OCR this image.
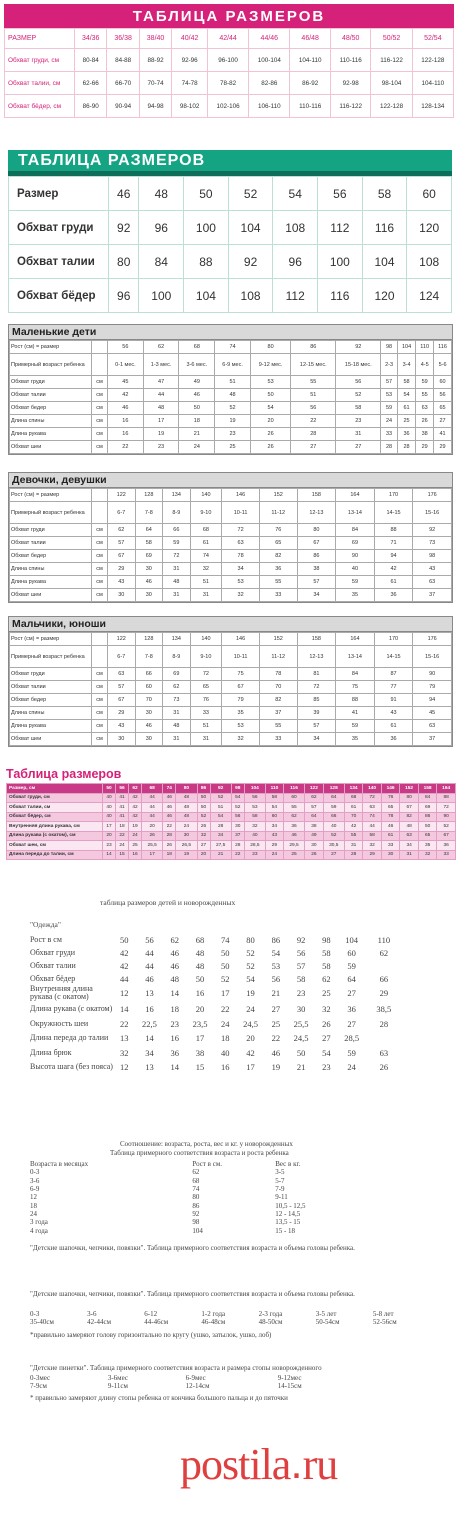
ТАБЛИЦА РАЗМЕРОВ
РАЗМЕР	34/36	36/38	38/40	40/42	42/44	44/46	46/48	48/50	50/52	52/54
Обхват груди, см	80-84	84-88	88-92	92-96	96-100	100-104	104-110	110-116	116-122	122-128
Обхват талии, см	62-66	66-70	70-74	74-78	78-82	82-86	86-92	92-98	98-104	104-110
Обхват бёдер, см	86-90	90-94	94-98	98-102	102-106	106-110	110-116	116-122	122-128	128-134
ТАБЛИЦА РАЗМЕРОВ
Размер	46	48	50	52	54	56	58	60
Обхват груди	92	96	100	104	108	112	116	120
Обхват талии	80	84	88	92	96	100	104	108
Обхват бёдер	96	100	104	108	112	116	120	124
Маленькие дети
Рост (см) = размер		56	62	68	74	80	86	92	98	104	110	116
Примерный возраст ребенка		0-1 мес.	1-3 мес.	3-6 мес.	6-9 мес.	9-12 мес.	12-15 мес.	15-18 мес.	2-3	3-4	4-5	5-6
Обхват груди	см	45	47	49	51	53	55	56	57	58	59	60
Обхват талии	см	42	44	46	48	50	51	52	53	54	55	56
Обхват бедер	см	46	48	50	52	54	56	58	59	61	63	65
Длина спины	см	16	17	18	19	20	22	23	24	25	26	27
Длина рукава	см	16	19	21	23	26	28	31	33	36	38	41
Обхват шеи	см	22	23	24	25	26	27	27	28	28	29	29
Девочки, девушки
Рост (см) = размер		122	128	134	140	146	152	158	164	170	176
Примерный возраст ребенка		6-7	7-8	8-9	9-10	10-11	11-12	12-13	13-14	14-15	15-16
Обхват груди	см	62	64	66	68	72	76	80	84	88	92
Обхват талии	см	57	58	59	61	63	65	67	69	71	73
Обхват бедер	см	67	69	72	74	78	82	86	90	94	98
Длина спины	см	29	30	31	32	34	36	38	40	42	43
Длина рукава	см	43	46	48	51	53	55	57	59	61	63
Обхват шеи	см	30	30	31	31	32	33	34	35	36	37
Мальчики, юноши
Рост (см) = размер		122	128	134	140	146	152	158	164	170	176
Примерный возраст ребенка		6-7	7-8	8-9	9-10	10-11	11-12	12-13	13-14	14-15	15-16
Обхват груди	см	63	66	69	72	75	78	81	84	87	90
Обхват талии	см	57	60	62	65	67	70	72	75	77	79
Обхват бедер	см	67	70	73	76	79	82	85	88	91	94
Длина спины	см	29	30	31	33	35	37	39	41	43	45
Длина рукава	см	43	46	48	51	53	55	57	59	61	63
Обхват шеи	см	30	30	31	31	32	33	34	35	36	37
Таблица размеров
Размер, см	50	56	62	68	74	80	86	92	98	104	110	116	122	128	134	140	146	152	158	164
Обхват груди, см	40	41	42	44	46	48	50	52	54	56	58	60	62	64	68	72	76	80	84	88
Обхват талии, см	40	41	42	44	46	48	50	51	52	53	54	55	57	59	61	63	65	67	69	72
Обхват бёдер, см	40	41	42	44	46	48	52	54	56	58	60	62	64	66	70	74	78	82	86	90
Внутренняя длина рукава, см	17	18	19	20	22	24	26	28	30	32	34	36	38	40	42	44	46	48	50	52
Длина рукава (с окатом), см	20	22	24	26	28	30	32	34	37	40	43	46	49	52	55	58	61	63	65	67
Обхват шеи, см	23	24	25	25,5	26	26,5	27	27,5	28	28,5	29	29,5	30	30,5	31	32	33	34	35	36
Длина переда до талии, см	14	15	16	17	18	19	20	21	22	23	24	25	26	27	28	29	30	31	32	33
таблица размеров детей и новорожденных
"Одежда"
Рост в см	50	56	62	68	74	80	86	92	98	104	110
Обхват груди	42	44	46	48	50	52	54	56	58	60	62
Обхват талии	42	44	46	48	50	52	53	57	58	59	
Обхват бёдер	44	46	48	50	52	54	56	58	62	64	66
Внутренняя длина рукава (с окатом)	12	13	14	16	17	19	21	23	25	27	29
Длина рукава (с окатом)	14	16	18	20	22	24	27	30	32	36	38,5
Окружность шеи	22	22,5	23	23,5	24	24,5	25	25,5	26	27	28
Длина переда до талии	13	14	16	17	18	20	22	24,5	27	28,5	
Длина брюк	32	34	36	38	40	42	46	50	54	59	63
Высота шага (без пояса)	12	13	14	15	16	17	19	21	23	24	26
Соотношение: возраста, роста, вес и кг. у новорожденных
Таблица примерного соответствия возраста и роста ребенка
Возраста в месяцах	Рост в см.	Вес в кг.
0-3	62	3-5
3-6	68	5-7
6-9	74	7-9
12	80	9-11
18	86	10,5 - 12,5
24	92	12 - 14,5
3 года	98	13,5 - 15
4 года	104	15 - 18
"Детские шапочки, чепчики, повязки". Таблица примерного соответствия возраста и объема головы ребенка.
"Детские шапочки, чепчики, повязки". Таблица примерного соответствия возраста и объема головы ребенка.
0-3	3-6	6-12	1-2 года	2-3 года	3-5 лет	5-8 лет
35-40см	42-44см	44-46см	46-48см	48-50см	50-54см	52-56см
*правильно замеряют голову горизонтально по кругу (ушко, затылок, ушко, лоб)
"Детские пинетки". Таблица примерного соответствия возраста и размера стопы новорожденного
0-3мес	3-6мес	6-9мес	9-12мес
7-9см	9-11см	12-14см	14-15см
* правильно замеряют длину стопы ребенка от кончика большого пальца и до пяточки
postila . ru
